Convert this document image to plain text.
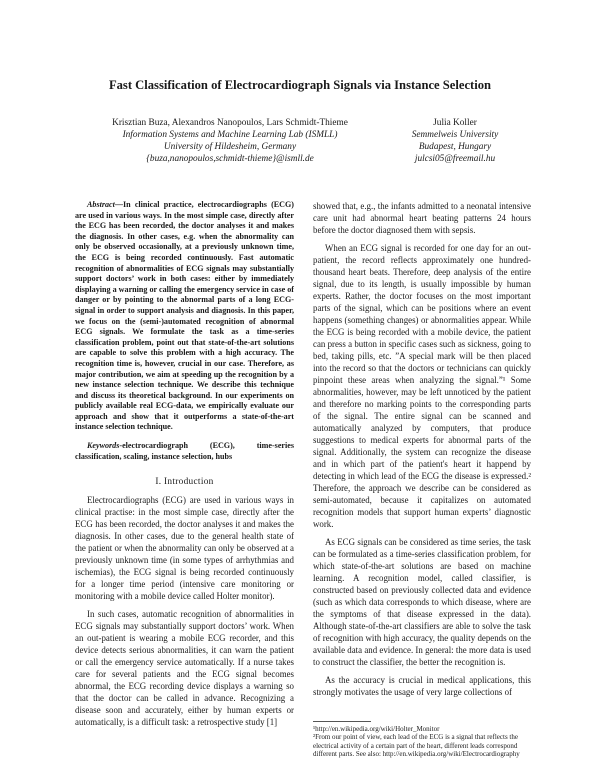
Fast Classification of Electrocardiograph Signals via Instance Selection
Krisztian Buza, Alexandros Nanopoulos, Lars Schmidt-Thieme
Information Systems and Machine Learning Lab (ISMLL)
University of Hildesheim, Germany
{buza,nanopoulos,schmidt-thieme}@ismll.de
Julia Koller
Semmelweis University
Budapest, Hungary
julcsi05@freemail.hu

Abstract—In clinical practice, electrocardiographs (ECG) are used in various ways. In the most simple case, directly after the ECG has been recorded, the doctor analyses it and makes the diagnosis. In other cases, e.g. when the abnormality can only be observed occasionally, at a previously unknown time, the ECG is being recorded continuously. Fast automatic recognition of abnormalities of ECG signals may substantially support doctors’ work in both cases: either by immediately displaying a warning or calling the emergency service in case of danger or by pointing to the abnormal parts of a long ECG-signal in order to support analysis and diagnosis. In this paper, we focus on the (semi-)automated recognition of abnormal ECG signals. We formulate the task as a time-series classification problem, point out that state-of-the-art solutions are capable to solve this problem with a high accuracy. The recognition time is, however, crucial in our case. Therefore, as major contribution, we aim at speeding up the recognition by a new instance selection technique. We describe this technique and discuss its theoretical background. In our experiments on publicly available real ECG-data, we empirically evaluate our approach and show that it outperforms a state-of-the-art instance selection technique.

Keywords-electrocardiograph (ECG), time-series classification, scaling, instance selection, hubs

I. Introduction

Electrocardiographs (ECG) are used in various ways in clinical practise: in the most simple case, directly after the ECG has been recorded, the doctor analyses it and makes the diagnosis. In other cases, due to the general health state of the patient or when the abnormality can only be observed at a previously unknown time (in some types of arrhythmias and ischemias), the ECG signal is being recorded continuously for a longer time period (intensive care monitoring or monitoring with a mobile device called Holter monitor).

In such cases, automatic recognition of abnormalities in ECG signals may substantially support doctors’ work. When an out-patient is wearing a mobile ECG recorder, and this device detects serious abnormalities, it can warn the patient or call the emergency service automatically. If a nurse takes care for several patients and the ECG signal becomes abnormal, the ECG recording device displays a warning so that the doctor can be called in advance. Recognizing a disease soon and accurately, either by human experts or automatically, is a difficult task: a retrospective study [1]

showed that, e.g., the infants admitted to a neonatal intensive care unit had abnormal heart beating patterns 24 hours before the doctor diagnosed them with sepsis.

When an ECG signal is recorded for one day for an out-patient, the record reflects approximately one hundred-thousand heart beats. Therefore, deep analysis of the entire signal, due to its length, is usually impossible by human experts. Rather, the doctor focuses on the most important parts of the signal, which can be positions where an event happens (something changes) or abnormalities appear. While the ECG is being recorded with a mobile device, the patient can press a button in specific cases such as sickness, going to bed, taking pills, etc. ”A special mark will be then placed into the record so that the doctors or technicians can quickly pinpoint these areas when analyzing the signal.”¹ Some abnormalities, however, may be left unnoticed by the patient and therefore no marking points to the corresponding parts of the signal. The entire signal can be scanned and automatically analyzed by computers, that produce suggestions to medical experts for abnormal parts of the signal. Additionally, the system can recognize the disease and in which part of the patient's heart it happend by detecting in which lead of the ECG the disease is expressed.² Therefore, the approach we describe can be considered as semi-automated, because it capitalizes on automated recognition models that support human experts’ diagnostic work.

As ECG signals can be considered as time series, the task can be formulated as a time-series classification problem, for which state-of-the-art solutions are based on machine learning. A recognition model, called classifier, is constructed based on previously collected data and evidence (such as which data corresponds to which disease, where are the symptoms of that disease expressed in the data). Although state-of-the-art classifiers are able to solve the task of recognition with high accuracy, the quality depends on the available data and evidence. In general: the more data is used to construct the classifier, the better the recognition is.

As the accuracy is crucial in medical applications, this strongly motivates the usage of very large collections of

¹http://en.wikipedia.org/wiki/Holter_Monitor

²From our point of view, each lead of the ECG is a signal that reflects the electrical activity of a certain part of the heart, different leads correspond different parts. See also: http://en.wikipedia.org/wiki/Electrocardiography
